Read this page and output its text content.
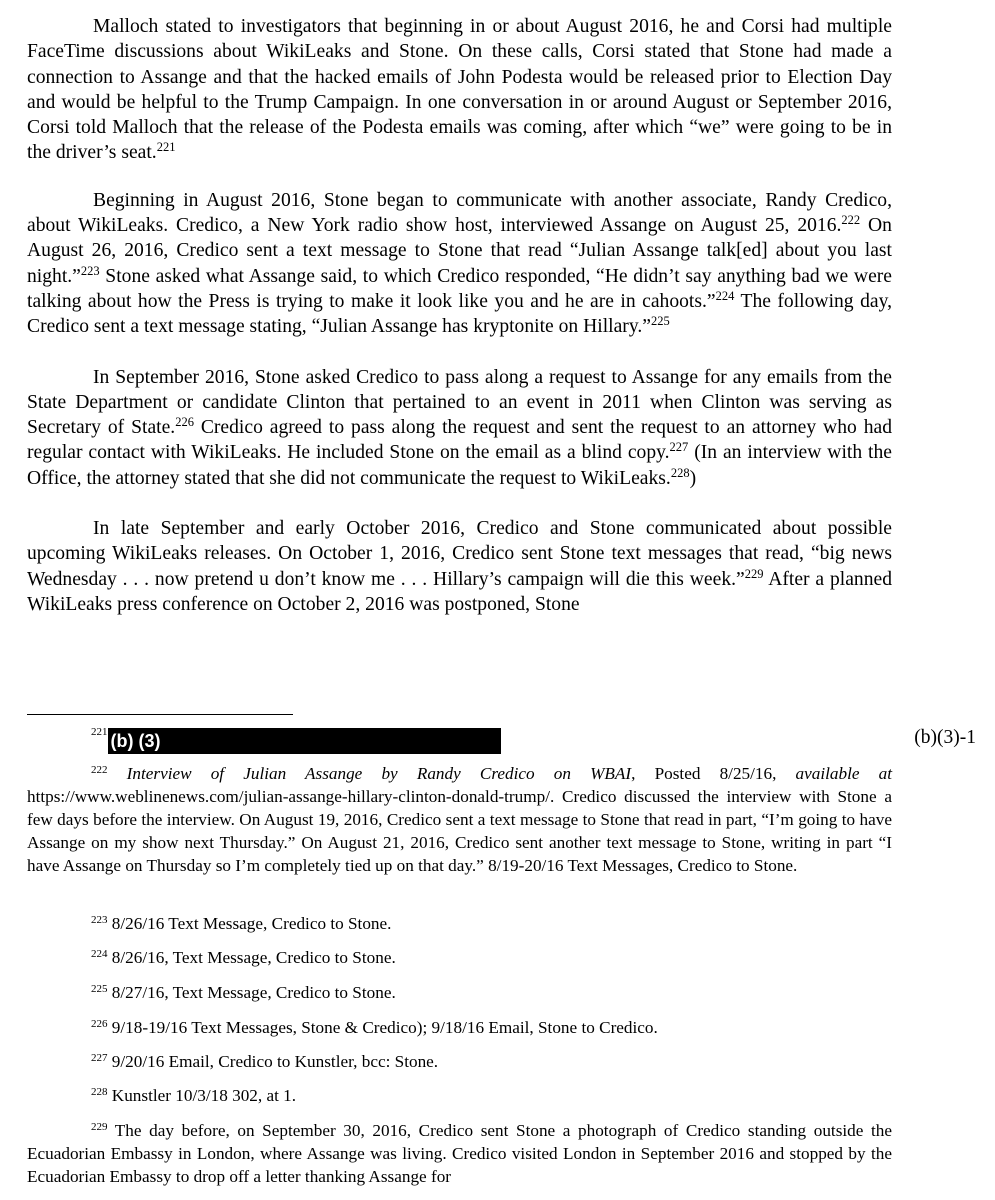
Malloch stated to investigators that beginning in or about August 2016, he and Corsi had multiple FaceTime discussions about WikiLeaks and Stone. On these calls, Corsi stated that Stone had made a connection to Assange and that the hacked emails of John Podesta would be released prior to Election Day and would be helpful to the Trump Campaign. In one conversation in or around August or September 2016, Corsi told Malloch that the release of the Podesta emails was coming, after which “we” were going to be in the driver’s seat.$^{221}$

Beginning in August 2016, Stone began to communicate with another associate, Randy Credico, about WikiLeaks. Credico, a New York radio show host, interviewed Assange on August 25, 2016.$^{222}$ On August 26, 2016, Credico sent a text message to Stone that read “Julian Assange talk[ed] about you last night.”$^{223}$ Stone asked what Assange said, to which Credico responded, “He didn’t say anything bad we were talking about how the Press is trying to make it look like you and he are in cahoots.”$^{224}$ The following day, Credico sent a text message stating, “Julian Assange has kryptonite on Hillary.”$^{225}$

In September 2016, Stone asked Credico to pass along a request to Assange for any emails from the State Department or candidate Clinton that pertained to an event in 2011 when Clinton was serving as Secretary of State.$^{226}$ Credico agreed to pass along the request and sent the request to an attorney who had regular contact with WikiLeaks. He included Stone on the email as a blind copy.$^{227}$ (In an interview with the Office, the attorney stated that she did not communicate the request to WikiLeaks.$^{228}$)

In late September and early October 2016, Credico and Stone communicated about possible upcoming WikiLeaks releases. On October 1, 2016, Credico sent Stone text messages that read, “big news Wednesday . . . now pretend u don’t know me . . . Hillary’s campaign will die this week.”$^{229}$ After a planned WikiLeaks press conference on October 2, 2016 was postponed, Stone

$^{221}$ (b) (3)	(b)(3)-1

$^{222}$ Interview of Julian Assange by Randy Credico on WBAI, Posted 8/25/16, available at https://www.weblinenews.com/julian-assange-hillary-clinton-donald-trump/. Credico discussed the interview with Stone a few days before the interview. On August 19, 2016, Credico sent a text message to Stone that read in part, “I’m going to have Assange on my show next Thursday.” On August 21, 2016, Credico sent another text message to Stone, writing in part “I have Assange on Thursday so I’m completely tied up on that day.” 8/19-20/16 Text Messages, Credico to Stone.

$^{223}$ 8/26/16 Text Message, Credico to Stone.

$^{224}$ 8/26/16, Text Message, Credico to Stone.

$^{225}$ 8/27/16, Text Message, Credico to Stone.

$^{226}$ 9/18-19/16 Text Messages, Stone & Credico); 9/18/16 Email, Stone to Credico.

$^{227}$ 9/20/16 Email, Credico to Kunstler, bcc: Stone.

$^{228}$ Kunstler 10/3/18 302, at 1.

$^{229}$ The day before, on September 30, 2016, Credico sent Stone a photograph of Credico standing outside the Ecuadorian Embassy in London, where Assange was living. Credico visited London in September 2016 and stopped by the Ecuadorian Embassy to drop off a letter thanking Assange for
